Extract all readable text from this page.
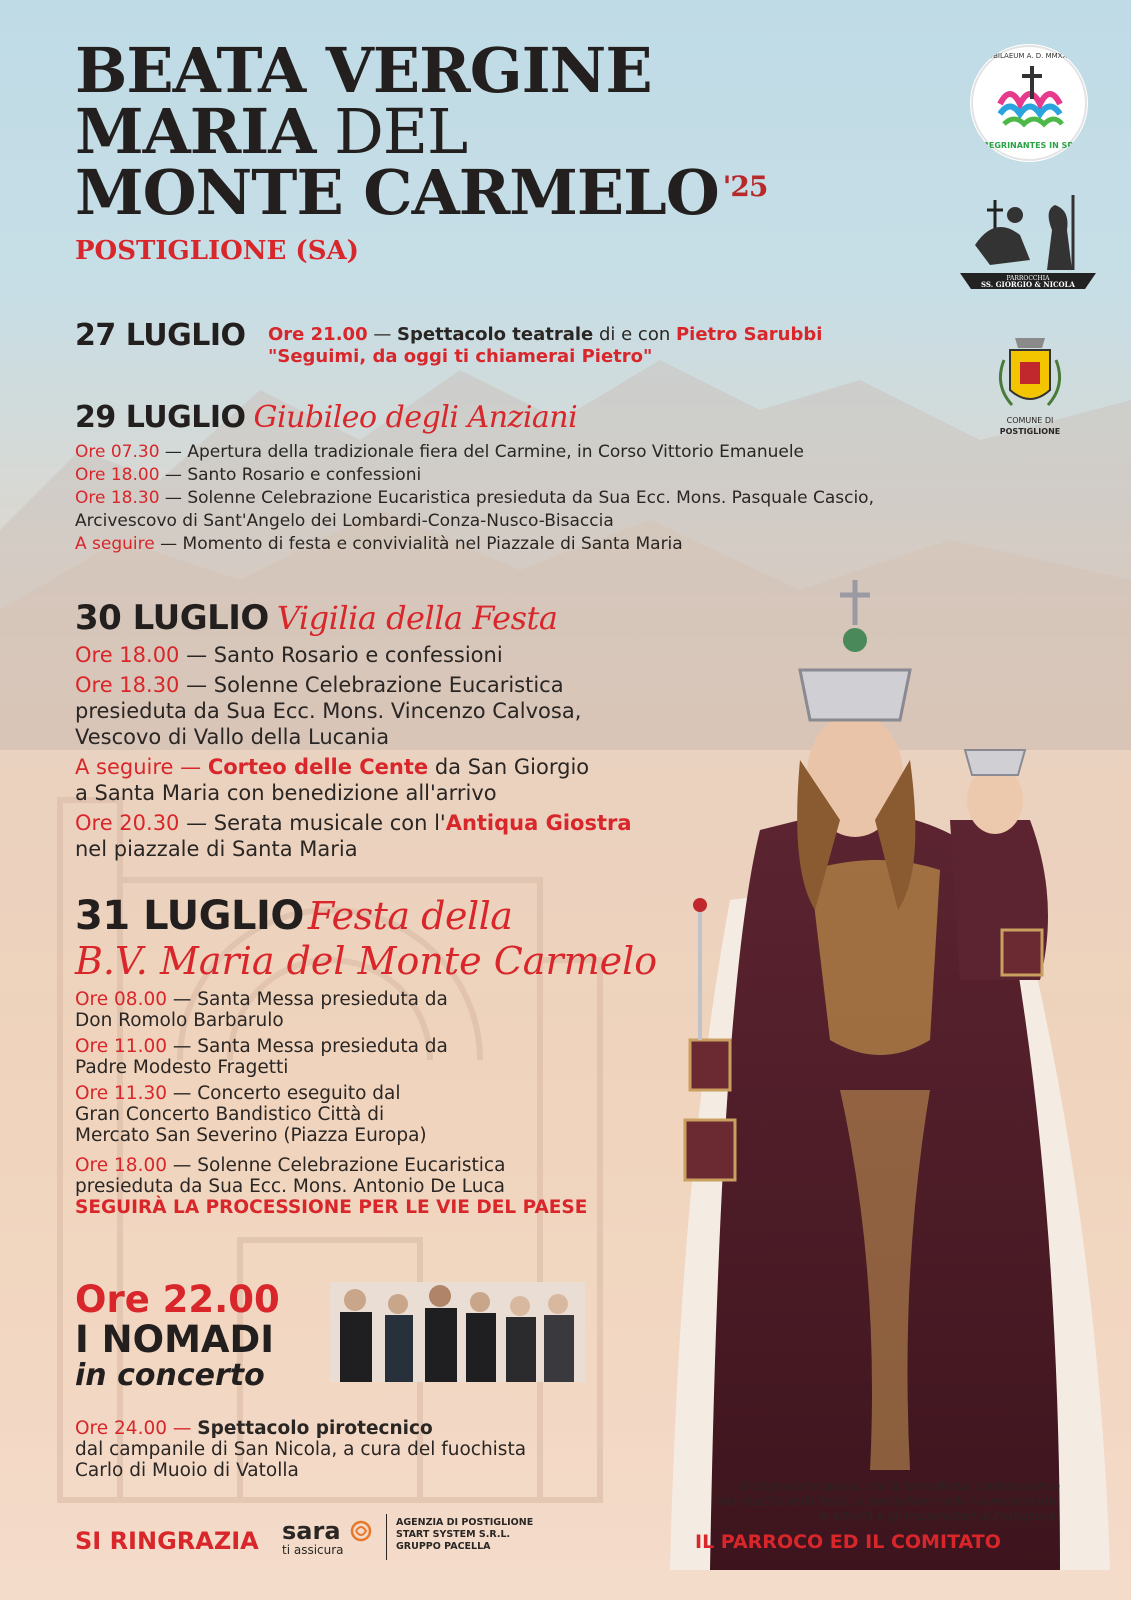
BEATA VERGINE
MARIA DEL
MONTE CARMELO $^{'25}$
POSTIGLIONE (SA)
IUBILAEUM A. D. MMXXV
PEREGRINANTES IN SPEM
PARROCCHIA
SS. GIORGIO & NICOLA
COMUNE DI
POSTIGLIONE
27 LUGLIO Ore 21.00 — Spettacolo teatrale di e con Pietro Sarubbi
"Seguimi, da oggi ti chiamerai Pietro"
29 LUGLIO Giubileo degli Anziani
Ore 07.30 — Apertura della tradizionale fiera del Carmine, in Corso Vittorio Emanuele
Ore 18.00 — Santo Rosario e confessioni
Ore 18.30 — Solenne Celebrazione Eucaristica presieduta da Sua Ecc. Mons. Pasquale Cascio,
Arcivescovo di Sant'Angelo dei Lombardi-Conza-Nusco-Bisaccia
A seguire — Momento di festa e convivialità nel Piazzale di Santa Maria
30 LUGLIO Vigilia della Festa
Ore 18.00 — Santo Rosario e confessioni
Ore 18.30 — Solenne Celebrazione Eucaristica
presieduta da Sua Ecc. Mons. Vincenzo Calvosa,
Vescovo di Vallo della Lucania
A seguire — Corteo delle Cente da San Giorgio
a Santa Maria con benedizione all'arrivo
Ore 20.30 — Serata musicale con l'Antiqua Giostra
nel piazzale di Santa Maria
31 LUGLIO Festa della
B.V. Maria del Monte Carmelo
Ore 08.00 — Santa Messa presieduta da
Don Romolo Barbarulo
Ore 11.00 — Santa Messa presieduta da
Padre Modesto Fragetti
Ore 11.30 — Concerto eseguito dal
Gran Concerto Bandistico Città di
Mercato San Severino (Piazza Europa)
Ore 18.00 — Solenne Celebrazione Eucaristica
presieduta da Sua Ecc. Mons. Antonio De Luca
SEGUIRÀ LA PROCESSIONE PER LE VIE DEL PAESE
Ore 22.00
I NOMADI
in concerto
Ore 24.00 — Spettacolo pirotecnico
dal campanile di San Nicola, a cura del fuochista
Carlo di Muoio di Vatolla
Si ringraziano quanti, con la loro offerta, contribuiranno
alla riuscita della festa, in particolare modo i commercianti,
le attività e gli imprenditori di Postiglione.
SI RINGRAZIA sara
ti assicura
AGENZIA DI POSTIGLIONE
START SYSTEM S.R.L.
GRUPPO PACELLA	IL PARROCO ED IL COMITATO
